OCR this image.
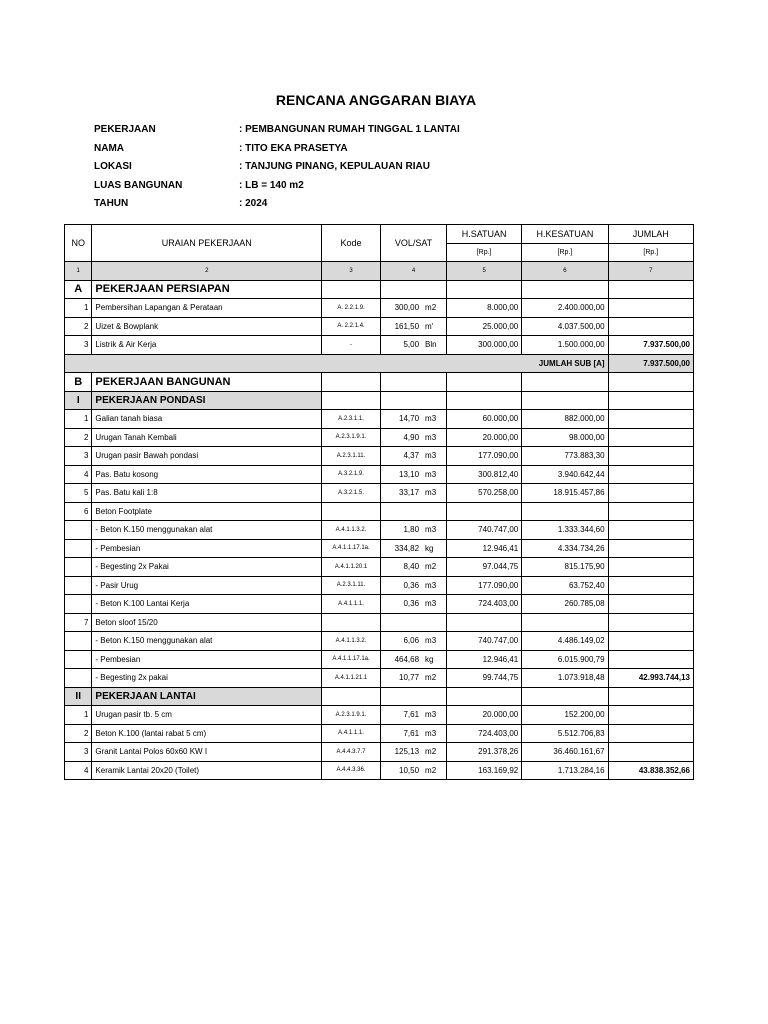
RENCANA ANGGARAN BIAYA
PEKERJAAN	: PEMBANGUNAN RUMAH TINGGAL 1 LANTAI
NAMA	: TITO EKA PRASETYA
LOKASI	: TANJUNG PINANG, KEPULAUAN RIAU
LUAS BANGUNAN	: LB = 140 m2
TAHUN	: 2024
NO	URAIAN PEKERJAAN	Kode	VOL/SAT	H.SATUAN	H.KESATUAN	JUMLAH
				[Rp.]	[Rp.]	[Rp.]
1	2	3	4	5	6	7
A	PEKERJAAN PERSIAPAN					
1	Pembersihan Lapangan & Perataan	A. 2.2.1.9.	300,00 m2	8.000,00	2.400.000,00	
2	Uizet & Bowplank	A. 2.2.1.4.	161,50 m'	25.000,00	4.037.500,00	
3	Listrik & Air Kerja	-	5,00 Bln	300.000,00	1.500.000,00	7.937.500,00
JUMLAH SUB [A]						7.937.500,00
B	PEKERJAAN BANGUNAN					
I	PEKERJAAN PONDASI					
1	Galian tanah biasa	A.2.3.1.1.	14,70 m3	60.000,00	882.000,00	
2	Urugan Tanah Kembali	A.2.3.1.9.1.	4,90 m3	20.000,00	98.000,00	
3	Urugan pasir Bawah pondasi	A.2.3.1.11.	4,37 m3	177.090,00	773.883,30	
4	Pas. Batu kosong	A.3.2.1.9.	13,10 m3	300.812,40	3.940.642,44	
5	Pas. Batu kali 1:8	A.3.2.1.5.	33,17 m3	570.258,00	18.915.457,86	
6	Beton Footplate		

	- Beton K.150 menggunakan alat	A.4.1.1.3.2.	1,80 m3	740.747,00	1.333.344,60	
	- Pembesian	A.4.1.1.17.1a.	334,82 kg	12.946,41	4.334.734,26	
	- Begesting 2x Pakai	A.4.1.1.20.1	8,40 m2	97.044,75	815.175,90	
	- Pasir Urug	A.2.3.1.11.	0,36 m3	177.090,00	63.752,40	
	- Beton K.100 Lantai Kerja	A.4.1.1.1.	0,36 m3	724.403,00	260.785,08	
7	Beton sloof 15/20		

	- Beton K.150 menggunakan alat	A.4.1.1.3.2.	6,06 m3	740.747,00	4.486.149,02	
	- Pembesian	A.4.1.1.17.1a.	464,68 kg	12.946,41	6.015.900,79	
	- Begesting 2x pakai	A.4.1.1.21.1	10,77 m2	99.744,75	1.073.918,48	42.993.744,13
II	PEKERJAAN LANTAI					
1	Urugan pasir tb. 5 cm	A.2.3.1.9.1.	7,61 m3	20.000,00	152.200,00	
2	Beton K.100 (lantai rabat 5 cm)	A.4.1.1.1.	7,61 m3	724.403,00	5.512.706,83	
3	Granit Lantai Polos 60x60 KW I	A.4.4.3.7.7	125,13 m2	291.378,26	36.460.161,67	
4	Keramik Lantai 20x20 (Toilet)	A.4.4.3.36.	10,50 m2	163.169,92	1.713.284,16	43.838.352,66
